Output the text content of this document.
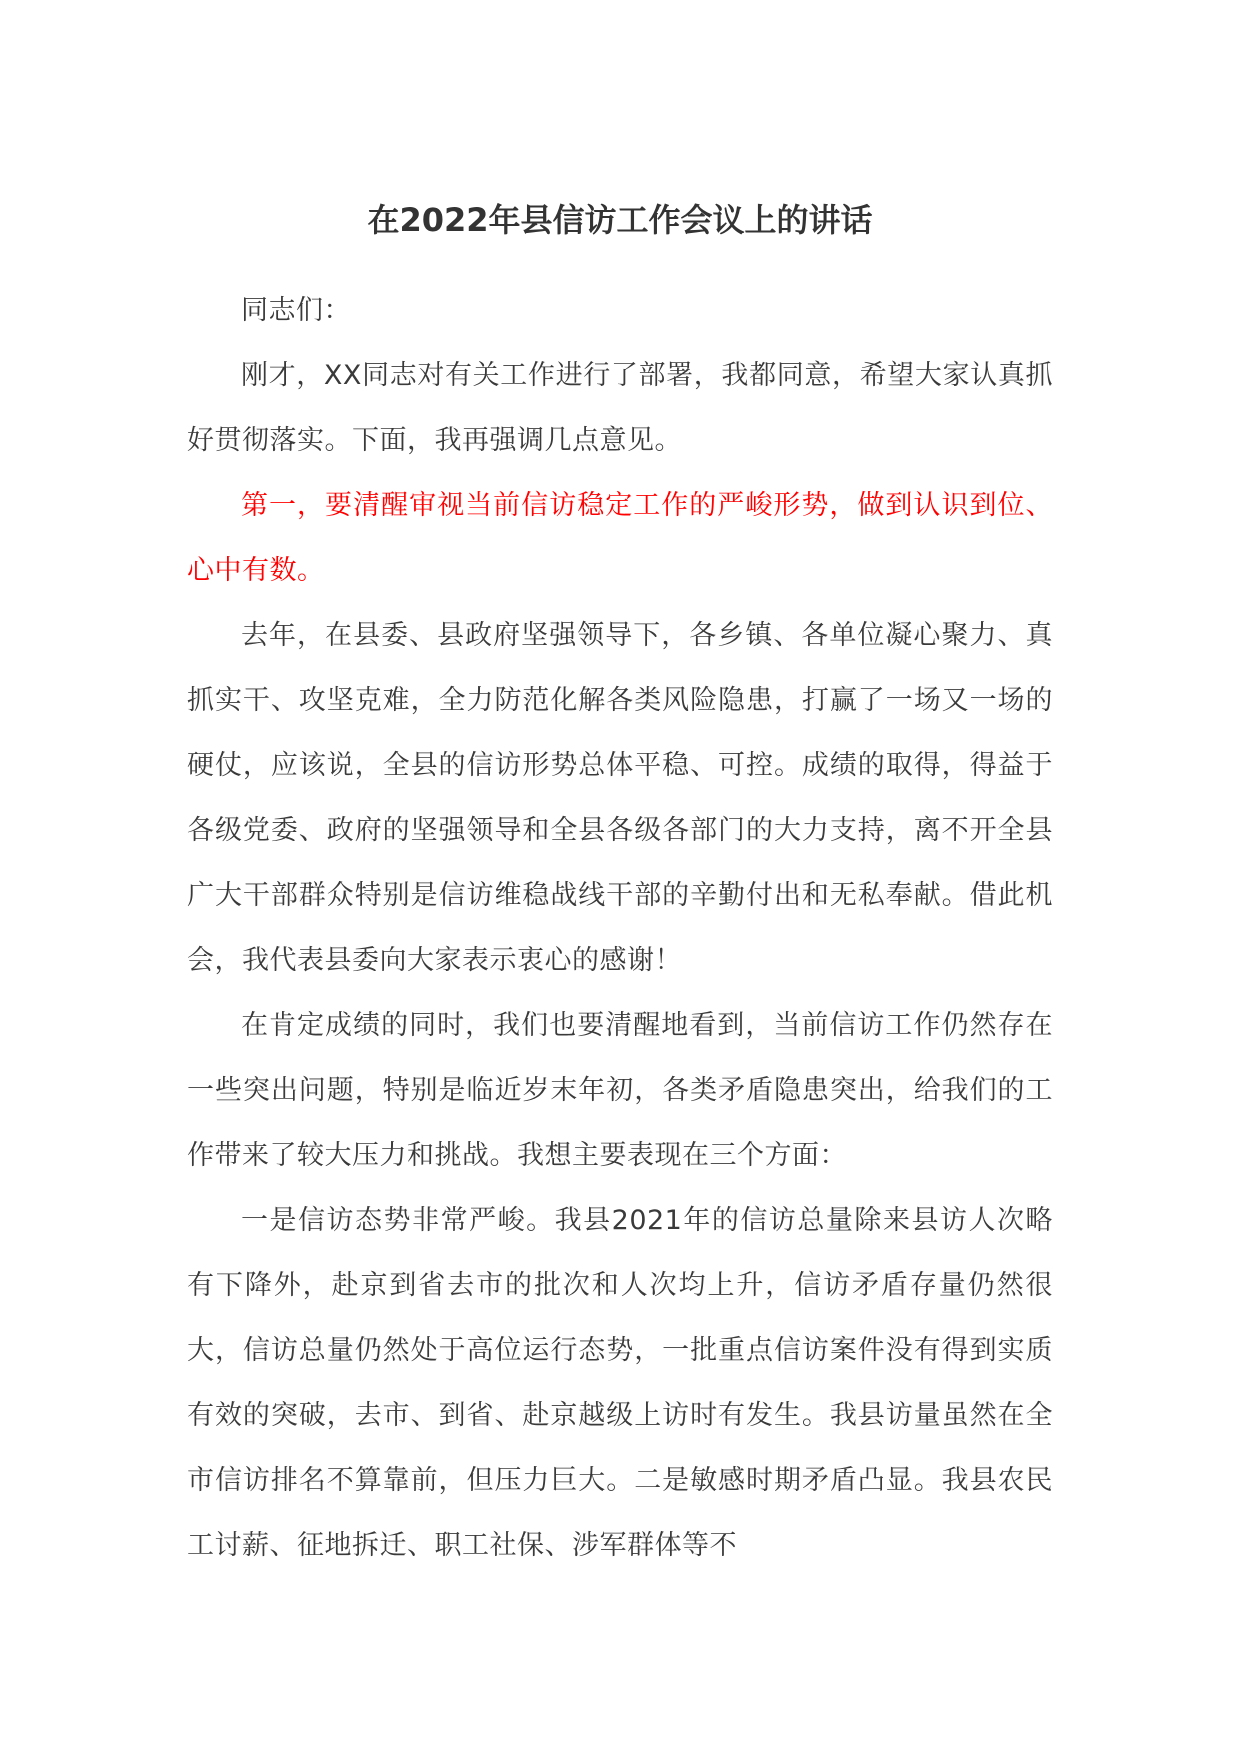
在2022年县信访工作会议上的讲话

同志们：

刚才，XX同志对有关工作进行了部署，我都同意，希望大家认真抓好贯彻落实。下面，我再强调几点意见。

第一，要清醒审视当前信访稳定工作的严峻形势，做到认识到位、心中有数。

去年，在县委、县政府坚强领导下，各乡镇、各单位凝心聚力、真抓实干、攻坚克难，全力防范化解各类风险隐患，打赢了一场又一场的硬仗，应该说，全县的信访形势总体平稳、可控。成绩的取得，得益于各级党委、政府的坚强领导和全县各级各部门的大力支持，离不开全县广大干部群众特别是信访维稳战线干部的辛勤付出和无私奉献。借此机会，我代表县委向大家表示衷心的感谢！

在肯定成绩的同时，我们也要清醒地看到，当前信访工作仍然存在一些突出问题，特别是临近岁末年初，各类矛盾隐患突出，给我们的工作带来了较大压力和挑战。我想主要表现在三个方面：

一是信访态势非常严峻。我县2021年的信访总量除来县访人次略有下降外，赴京到省去市的批次和人次均上升，信访矛盾存量仍然很大，信访总量仍然处于高位运行态势，一批重点信访案件没有得到实质有效的突破，去市、到省、赴京越级上访时有发生。我县访量虽然在全市信访排名不算靠前，但压力巨大。二是敏感时期矛盾凸显。我县农民工讨薪、征地拆迁、职工社保、涉军群体等不
